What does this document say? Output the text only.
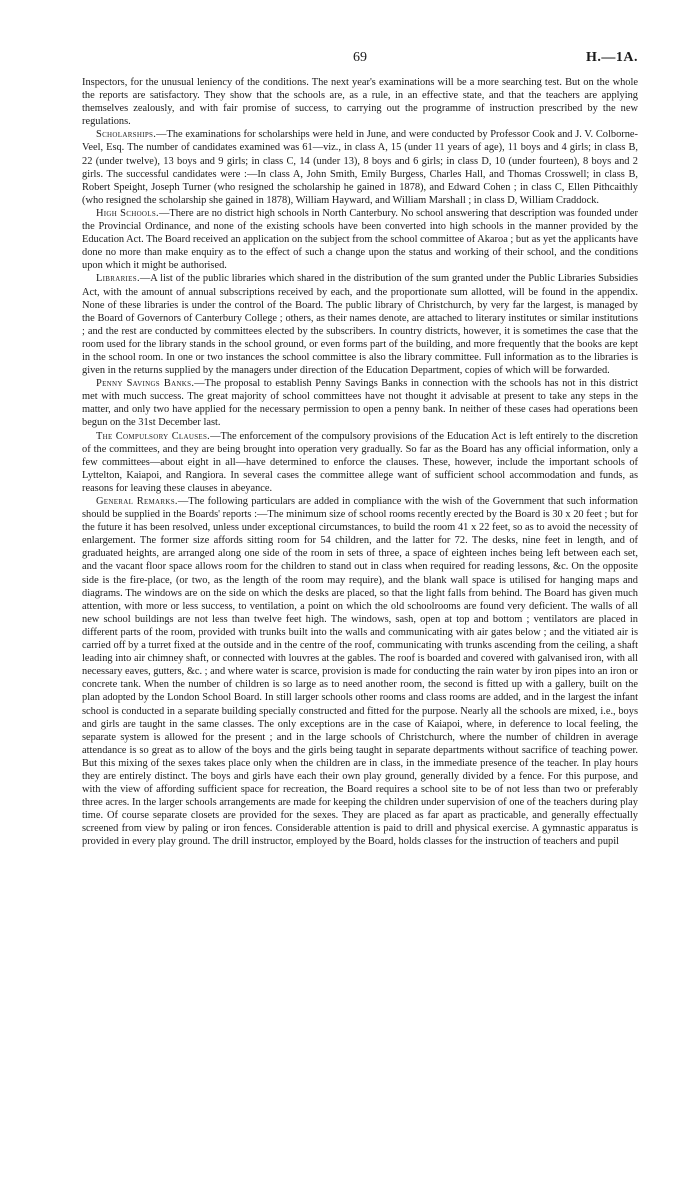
69	H.—1A.

Inspectors, for the unusual leniency of the conditions. The next year's examinations will be a more searching test. But on the whole the reports are satisfactory. They show that the schools are, as a rule, in an effective state, and that the teachers are applying themselves zealously, and with fair promise of success, to carrying out the programme of instruction prescribed by the new regulations.

Scholarships.—The examinations for scholarships were held in June, and were conducted by Professor Cook and J. V. Colborne-Veel, Esq. The number of candidates examined was 61—viz., in class A, 15 (under 11 years of age), 11 boys and 4 girls; in class B, 22 (under twelve), 13 boys and 9 girls; in class C, 14 (under 13), 8 boys and 6 girls; in class D, 10 (under fourteen), 8 boys and 2 girls. The successful candidates were :—In class A, John Smith, Emily Burgess, Charles Hall, and Thomas Crosswell; in class B, Robert Speight, Joseph Turner (who resigned the scholarship he gained in 1878), and Edward Cohen ; in class C, Ellen Pithcaithly (who resigned the scholarship she gained in 1878), William Hayward, and William Marshall ; in class D, William Craddock.

High Schools.—There are no district high schools in North Canterbury. No school answering that description was founded under the Provincial Ordinance, and none of the existing schools have been converted into high schools in the manner provided by the Education Act. The Board received an application on the subject from the school committee of Akaroa ; but as yet the applicants have done no more than make enquiry as to the effect of such a change upon the status and working of their school, and the conditions upon which it might be authorised.

Libraries.—A list of the public libraries which shared in the distribution of the sum granted under the Public Libraries Subsidies Act, with the amount of annual subscriptions received by each, and the proportionate sum allotted, will be found in the appendix. None of these libraries is under the control of the Board. The public library of Christchurch, by very far the largest, is managed by the Board of Governors of Canterbury College ; others, as their names denote, are attached to literary institutes or similar institutions ; and the rest are conducted by committees elected by the subscribers. In country districts, however, it is sometimes the case that the room used for the library stands in the school ground, or even forms part of the building, and more frequently that the books are kept in the school room. In one or two instances the school committee is also the library committee. Full information as to the libraries is given in the returns supplied by the managers under direction of the Education Department, copies of which will be forwarded.

Penny Savings Banks.—The proposal to establish Penny Savings Banks in connection with the schools has not in this district met with much success. The great majority of school committees have not thought it advisable at present to take any steps in the matter, and only two have applied for the necessary permission to open a penny bank. In neither of these cases had operations been begun on the 31st December last.

The Compulsory Clauses.—The enforcement of the compulsory provisions of the Education Act is left entirely to the discretion of the committees, and they are being brought into operation very gradually. So far as the Board has any official information, only a few committees—about eight in all—have determined to enforce the clauses. These, however, include the important schools of Lyttelton, Kaiapoi, and Rangiora. In several cases the committee allege want of sufficient school accommodation and funds, as reasons for leaving these clauses in abeyance.

General Remarks.—The following particulars are added in compliance with the wish of the Government that such information should be supplied in the Boards' reports :—The minimum size of school rooms recently erected by the Board is 30 x 20 feet ; but for the future it has been resolved, unless under exceptional circumstances, to build the room 41 x 22 feet, so as to avoid the necessity of enlargement. The former size affords sitting room for 54 children, and the latter for 72. The desks, nine feet in length, and of graduated heights, are arranged along one side of the room in sets of three, a space of eighteen inches being left between each set, and the vacant floor space allows room for the children to stand out in class when required for reading lessons, &c. On the opposite side is the fire-place, (or two, as the length of the room may require), and the blank wall space is utilised for hanging maps and diagrams. The windows are on the side on which the desks are placed, so that the light falls from behind. The Board has given much attention, with more or less success, to ventilation, a point on which the old schoolrooms are found very deficient. The walls of all new school buildings are not less than twelve feet high. The windows, sash, open at top and bottom ; ventilators are placed in different parts of the room, provided with trunks built into the walls and communicating with air gates below ; and the vitiated air is carried off by a turret fixed at the outside and in the centre of the roof, communicating with trunks ascending from the ceiling, a shaft leading into air chimney shaft, or connected with louvres at the gables. The roof is boarded and covered with galvanised iron, with all necessary eaves, gutters, &c. ; and where water is scarce, provision is made for conducting the rain water by iron pipes into an iron or concrete tank. When the number of children is so large as to need another room, the second is fitted up with a gallery, built on the plan adopted by the London School Board. In still larger schools other rooms and class rooms are added, and in the largest the infant school is conducted in a separate building specially constructed and fitted for the purpose. Nearly all the schools are mixed, i.e., boys and girls are taught in the same classes. The only exceptions are in the case of Kaiapoi, where, in deference to local feeling, the separate system is allowed for the present ; and in the large schools of Christchurch, where the number of children in average attendance is so great as to allow of the boys and the girls being taught in separate departments without sacrifice of teaching power. But this mixing of the sexes takes place only when the children are in class, in the immediate presence of the teacher. In play hours they are entirely distinct. The boys and girls have each their own play ground, generally divided by a fence. For this purpose, and with the view of affording sufficient space for recreation, the Board requires a school site to be of not less than two or preferably three acres. In the larger schools arrangements are made for keeping the children under supervision of one of the teachers during play time. Of course separate closets are provided for the sexes. They are placed as far apart as practicable, and generally effectually screened from view by paling or iron fences. Considerable attention is paid to drill and physical exercise. A gymnastic apparatus is provided in every play ground. The drill instructor, employed by the Board, holds classes for the instruction of teachers and pupil
